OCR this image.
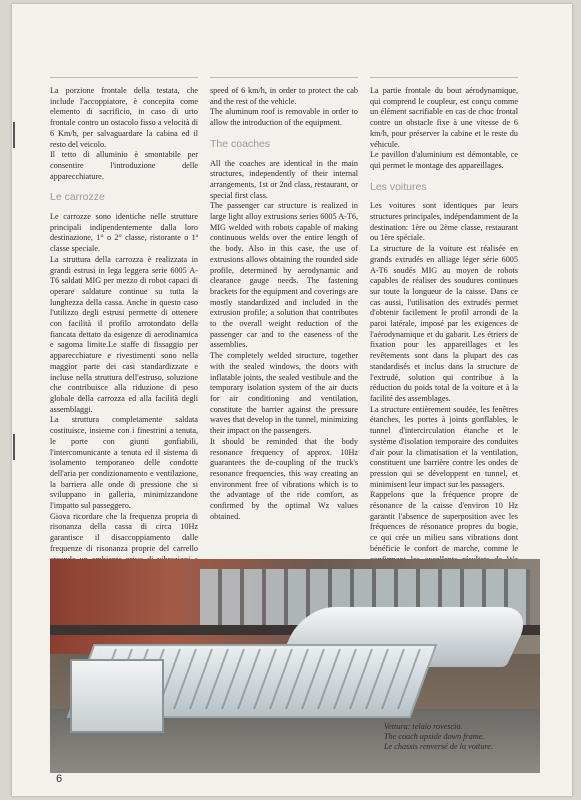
La porzione frontale della testata, che include l'accoppiatore, è concepita come elemento di sacrificio, in caso di urto frontale contro un ostacolo fisso a velocità di 6 Km/h, per salvaguardare la cabina ed il resto del veicolo.

Il tetto di alluminio è smontabile per consentire l'introduzione delle apparecchiature.

Le carrozze

Le carrozze sono identiche nelle strutture principali indipendentemente dalla loro destinazione, 1° o 2° classe, ristorante o 1ª classe speciale.

La struttura della carrozza è realizzata in grandi estrusi in lega leggera serie 6005 A-T6 saldati MIG per mezzo di robot capaci di operare saldature continue su tutta la lunghezza della cassa. Anche in questo caso l'utilizzo degli estrusi permette di ottenere con facilità il profilo arrotondato della fiancata dettato da esigenze di aerodinamica e sagoma limite.Le staffe di fissaggio per apparecchiature e rivestimenti sono nella maggior parte dei casi standardizzate e incluse nella struttura dell'estruso, soluzione che contribuisce alla riduzione di peso globale della carrozza ed alla facilità degli assemblaggi.

La struttura completamente saldata costituisce, insieme con i finestrini a tenuta, le porte con giunti gonfiabili, l'intercomunicante a tenuta ed il sistema di isolamento temporaneo delle condotte dell'aria per condizionamento e ventilazione, la barriera alle onde di pressione che si sviluppano in galleria, minimizzandone l'impatto sul passeggero.

Giova ricordare che la frequenza propria di risonanza della cassa di circa 10Hz garantisce il disaccoppiamento dalle frequenze di risonanza proprie del carrello

speed of 6 km/h, in order to protect the cab and the rest of the vehicle.

The aluminum roof is removable in order to allow the introduction of the equipment.

The coaches

All the coaches are identical in the main structures, independently of their internal arrangements, 1st or 2nd class, restaurant, or special first class.

The passenger car structure is realized in large light alloy extrusions series 6005 A-T6, MIG welded with robots capable of making continuous welds over the entire length of the body. Also in this case, the use of extrusions allows obtaining the rounded side profile, determined by aerodynamic and clearance gauge needs. The fastening brackets for the equipment and coverings are mostly standardized and included in the extrusion profile; a solution that contributes to the overall weight reduction of the passenger car and to the easeness of the assemblies.

The completely welded structure, together with the sealed windows, the doors with inflatable joints, the sealed vestibule and the temporary isolation system of the air ducts for air conditioning and ventilation, constitute the barrier against the pressure waves that develop in the tunnel, minimizing their impact on the passengers.

It should be reminded that the body resonance frequency of approx. 10Hz guarantees the de-coupling of the truck's resonance frequencies, this way creating an environment free of vibrations which is to the advantage of the ride comfort, as confirmed by the optimal Wz values obtained.

La partie frontale du bout aérodynamique, qui comprend le coupleur, est conçu comme un élément sacrifiable en cas de choc frontal contre un obstacle fixe à une vitesse de 6 km/h, pour préserver la cabine et le reste du véhicule.

Le pavillon d'aluminium est démontable, ce qui permet le montage des appareillages.

Les voitures

Les voitures sont identiques par leurs structures principales, indépendamment de la destination: 1ère ou 2ème classe, restaurant ou 1ère spéciale.

La structure de la voiture est réalisée en grands extrudés en alliage léger série 6005 A-T6 soudés MIG au moyen de robots capables de réaliser des soudures continues sur toute la longueur de la caisse. Dans ce cas aussi, l'utilisation des extrudés permet d'obtenir facilement le profil arrondi de la paroi latérale, imposé par les exigences de l'aérodynamique et du gabarit. Les étriers de fixation pour les appareillages et les revêtements sont dans la plupart des cas standardisés et inclus dans la structure de l'extrudé, solution qui contribue à la réduction du poids total de la voiture et à la facilité des assemblages.

La structure entièrement soudée, les fenêtres étanches, les portes à joints gonflables, le tunnel d'intercirculation étanche et le système d'isolation temporaire des conduites d'air pour la climatisation et la ventilation, constituent une barrière contre les ondes de pression qui se développent en tunnel, et minimisent leur impact sur les passagers.

Rappelons que la fréquence propre de résonance de la caisse d'environ 10 Hz garantit l'absence de superposition avec les fréquences de résonance propres du bogie, ce qui crée un milieu sans vibrations dont bénéficie le confort de marche, comme le

Vettura: telaio rovescio.
The coach upside down frame.
Le chassis renversé de la voiture.
6
